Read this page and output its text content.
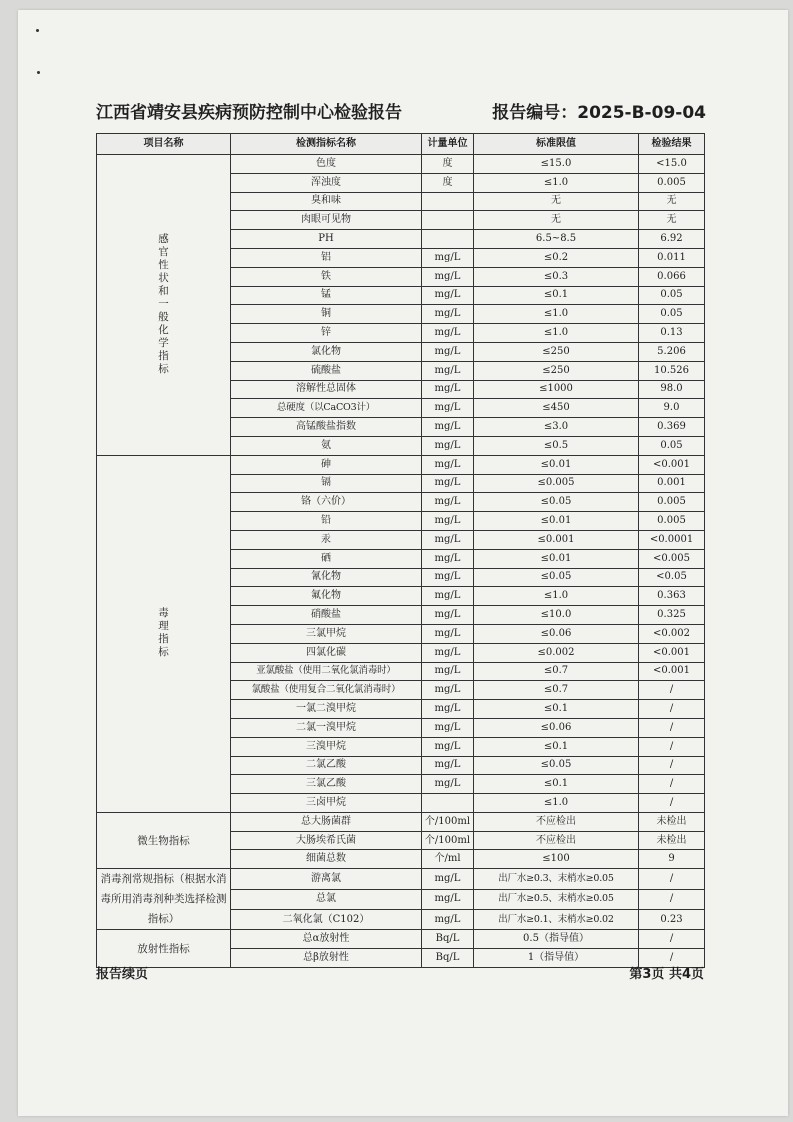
江西省靖安县疾病预防控制中心检验报告	报告编号：2025-B-09-04
项目名称	检测指标名称	计量单位	标准限值	检验结果
感官性状和一般化学指标	色度	度	≤15.0	<15.0
	浑浊度	度	≤1.0	0.005
	臭和味		无	无
	肉眼可见物		无	无
	PH		6.5~8.5	6.92
	铝	mg/L	≤0.2	0.011
	铁	mg/L	≤0.3	0.066
	锰	mg/L	≤0.1	0.05
	铜	mg/L	≤1.0	0.05
	锌	mg/L	≤1.0	0.13
	氯化物	mg/L	≤250	5.206
	硫酸盐	mg/L	≤250	10.526
	溶解性总固体	mg/L	≤1000	98.0
	总硬度（以CaCO3计）	mg/L	≤450	9.0
	高锰酸盐指数	mg/L	≤3.0	0.369
	氨	mg/L	≤0.5	0.05
毒理指标	砷	mg/L	≤0.01	<0.001
	镉	mg/L	≤0.005	0.001
	铬（六价）	mg/L	≤0.05	0.005
	铅	mg/L	≤0.01	0.005
	汞	mg/L	≤0.001	<0.0001
	硒	mg/L	≤0.01	<0.005
	氰化物	mg/L	≤0.05	<0.05
	氟化物	mg/L	≤1.0	0.363
	硝酸盐	mg/L	≤10.0	0.325
	三氯甲烷	mg/L	≤0.06	<0.002
	四氯化碳	mg/L	≤0.002	<0.001
	亚氯酸盐（使用二氧化氯消毒时）	mg/L	≤0.7	<0.001
	氯酸盐（使用复合二氧化氯消毒时）	mg/L	≤0.7	/
	一氯二溴甲烷	mg/L	≤0.1	/
	二氯一溴甲烷	mg/L	≤0.06	/
	三溴甲烷	mg/L	≤0.1	/
	二氯乙酸	mg/L	≤0.05	/
	三氯乙酸	mg/L	≤0.1	/
	三卤甲烷		≤1.0	/
微生物指标	总大肠菌群	个/100ml	不应检出	未检出
	大肠埃希氏菌	个/100ml	不应检出	未检出
	细菌总数	个/ml	≤100	9
消毒剂常规指标（根据水消毒所用消毒剂种类选择检测指标）	游离氯	mg/L	出厂水≥0.3、末梢水≥0.05	/
	总氯	mg/L	出厂水≥0.5、末梢水≥0.05	/
	二氧化氯（C102）	mg/L	出厂水≥0.1、末梢水≥0.02	0.23
放射性指标	总α放射性	Bq/L	0.5（指导值）	/
	总β放射性	Bq/L	1（指导值）	/
报告续页	第3页 共4页
